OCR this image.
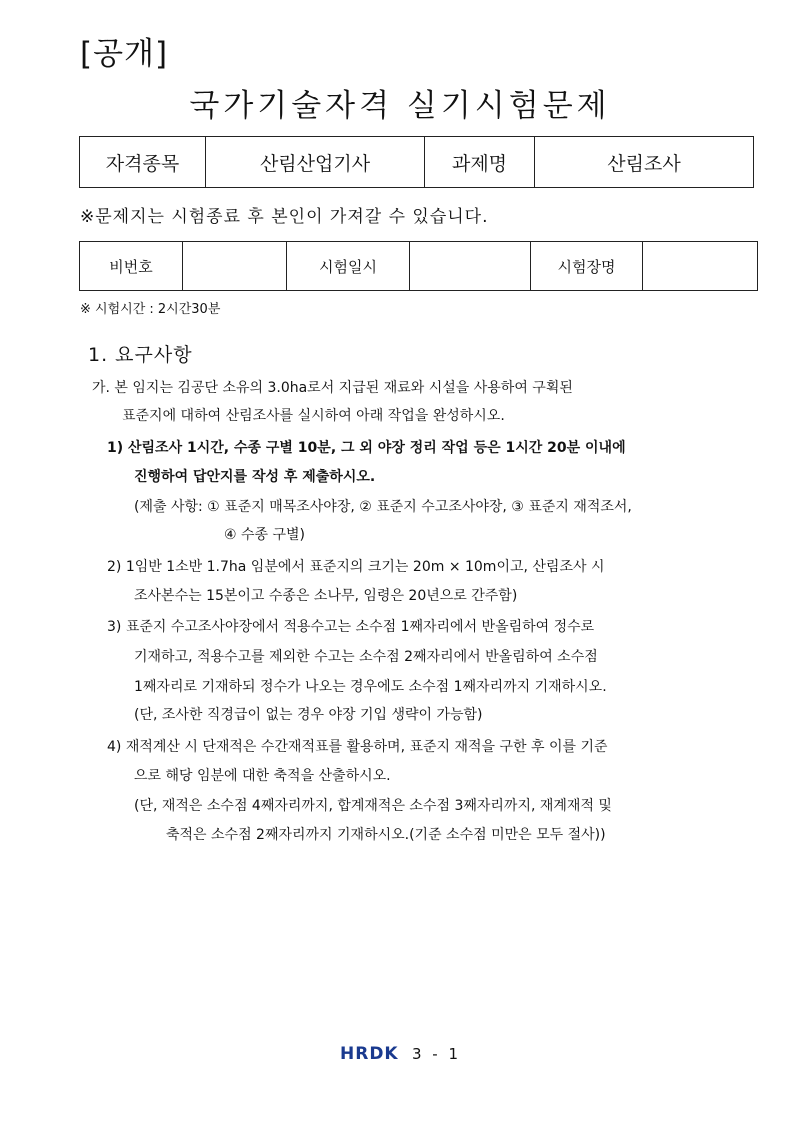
[공개]
국가기술자격 실기시험문제
자격종목	산림산업기사	과제명	산림조사
※문제지는 시험종료 후 본인이 가져갈 수 있습니다.
비번호		시험일시		시험장명	
※ 시험시간 : 2시간30분
1. 요구사항
가. 본 임지는 김공단 소유의 3.0ha로서 지급된 재료와 시설을 사용하여 구획된
표준지에 대하여 산림조사를 실시하여 아래 작업을 완성하시오.
1) 산림조사 1시간, 수종 구별 10분, 그 외 야장 정리 작업 등은 1시간 20분 이내에
진행하여 답안지를 작성 후 제출하시오.
(제출 사항: ① 표준지 매목조사야장, ② 표준지 수고조사야장, ③ 표준지 재적조서,
④ 수종 구별)
2) 1임반 1소반 1.7ha 임분에서 표준지의 크기는 20m × 10m이고, 산림조사 시
조사본수는 15본이고 수종은 소나무, 임령은 20년으로 간주함)
3) 표준지 수고조사야장에서 적용수고는 소수점 1째자리에서 반올림하여 정수로
기재하고, 적용수고를 제외한 수고는 소수점 2째자리에서 반올림하여 소수점
1째자리로 기재하되 정수가 나오는 경우에도 소수점 1째자리까지 기재하시오.
(단, 조사한 직경급이 없는 경우 야장 기입 생략이 가능함)
4) 재적계산 시 단재적은 수간재적표를 활용하며, 표준지 재적을 구한 후 이를 기준
으로 해당 임분에 대한 축적을 산출하시오.
(단, 재적은 소수점 4째자리까지, 합계재적은 소수점 3째자리까지, 재계재적 및
축적은 소수점 2째자리까지 기재하시오.(기준 소수점 미만은 모두 절사))
HRDK 3 - 1
